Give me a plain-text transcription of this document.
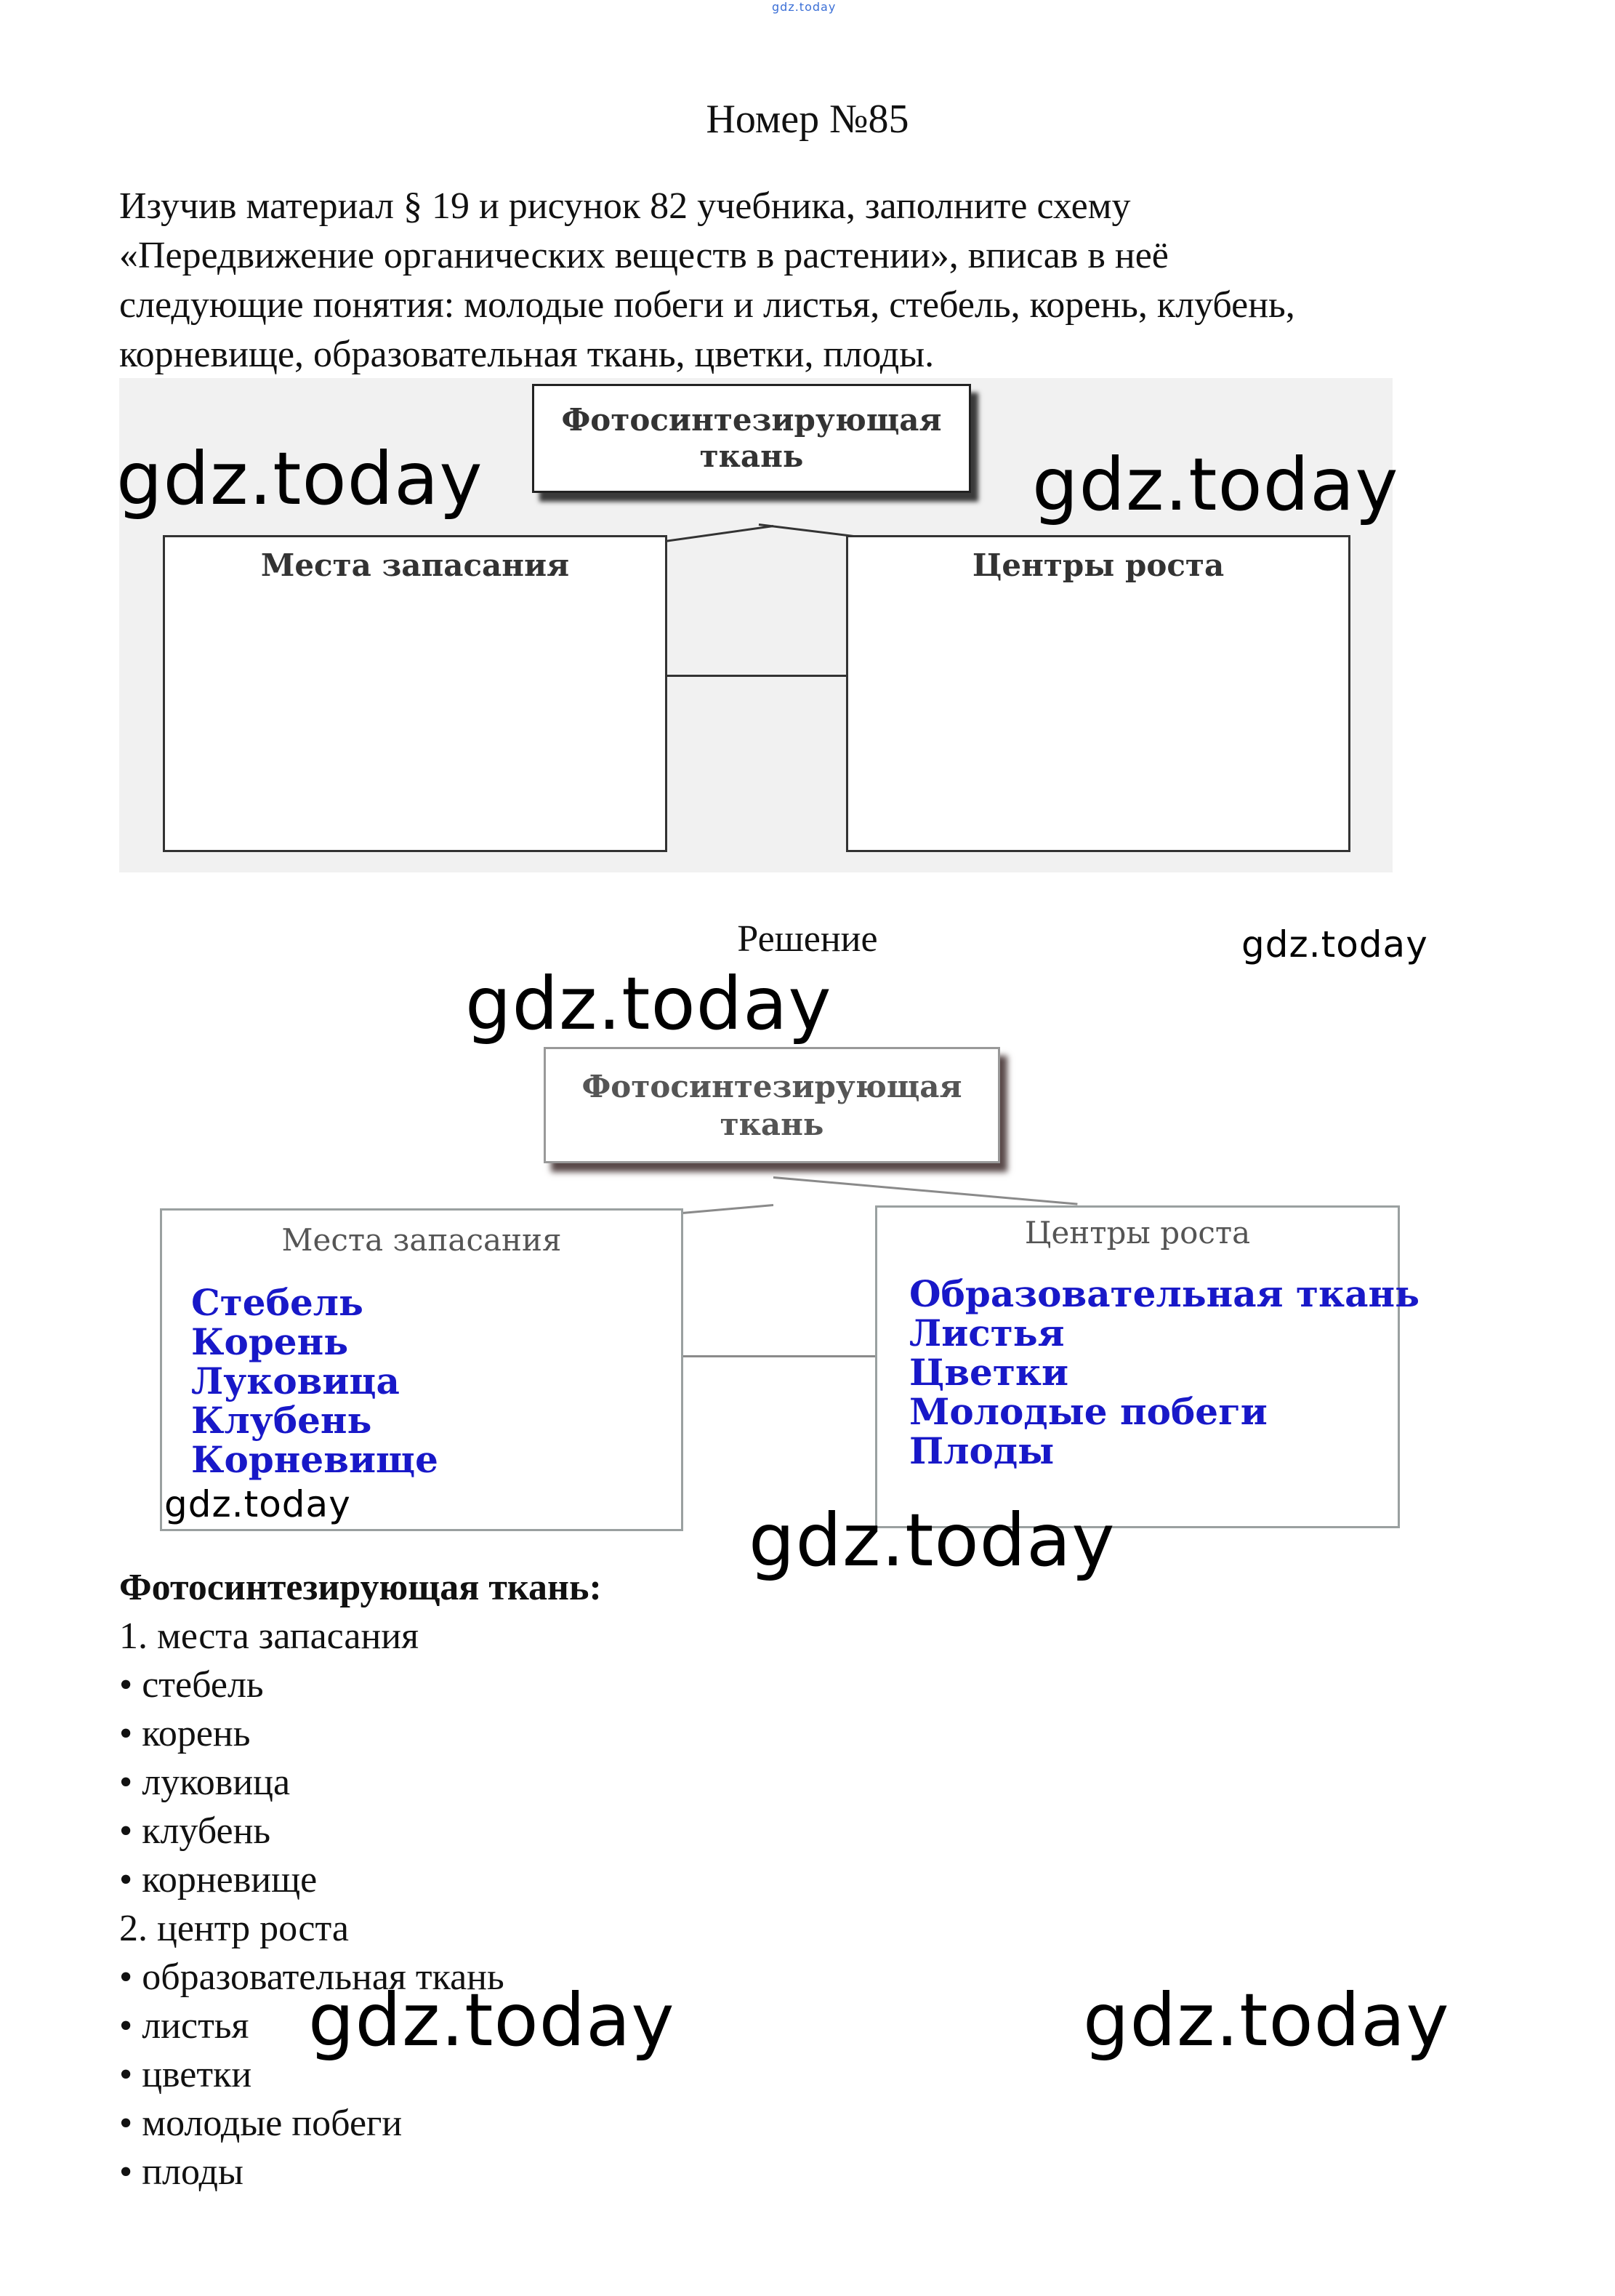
gdz.today
Номер №85
Изучив материал § 19 и рисунок 82 учебника, заполните схему
«Передвижение органических веществ в растении», вписав в неё
следующие понятия: молодые побеги и листья, стебель, корень, клубень,
корневище, образовательная ткань, цветки, плоды.
Фотосинтезирующая
ткань
Места запасания	Центры роста
Решение
Фотосинтезирующая
ткань
Места запасания
Стебель
Корень
Луковица
Клубень
Корневище
Центры роста
Образовательная ткань
Листья
Цветки
Молодые побеги
Плоды
Фотосинтезирующая ткань:
1. места запасания
• стебель
• корень
• луковица
• клубень
• корневище
2. центр роста
• образовательная ткань
• листья
• цветки
• молодые побеги
• плоды
gdz.today	gdz.today
gdz.today
gdz.today
gdz.today	gdz.today
gdz.today	gdz.today
